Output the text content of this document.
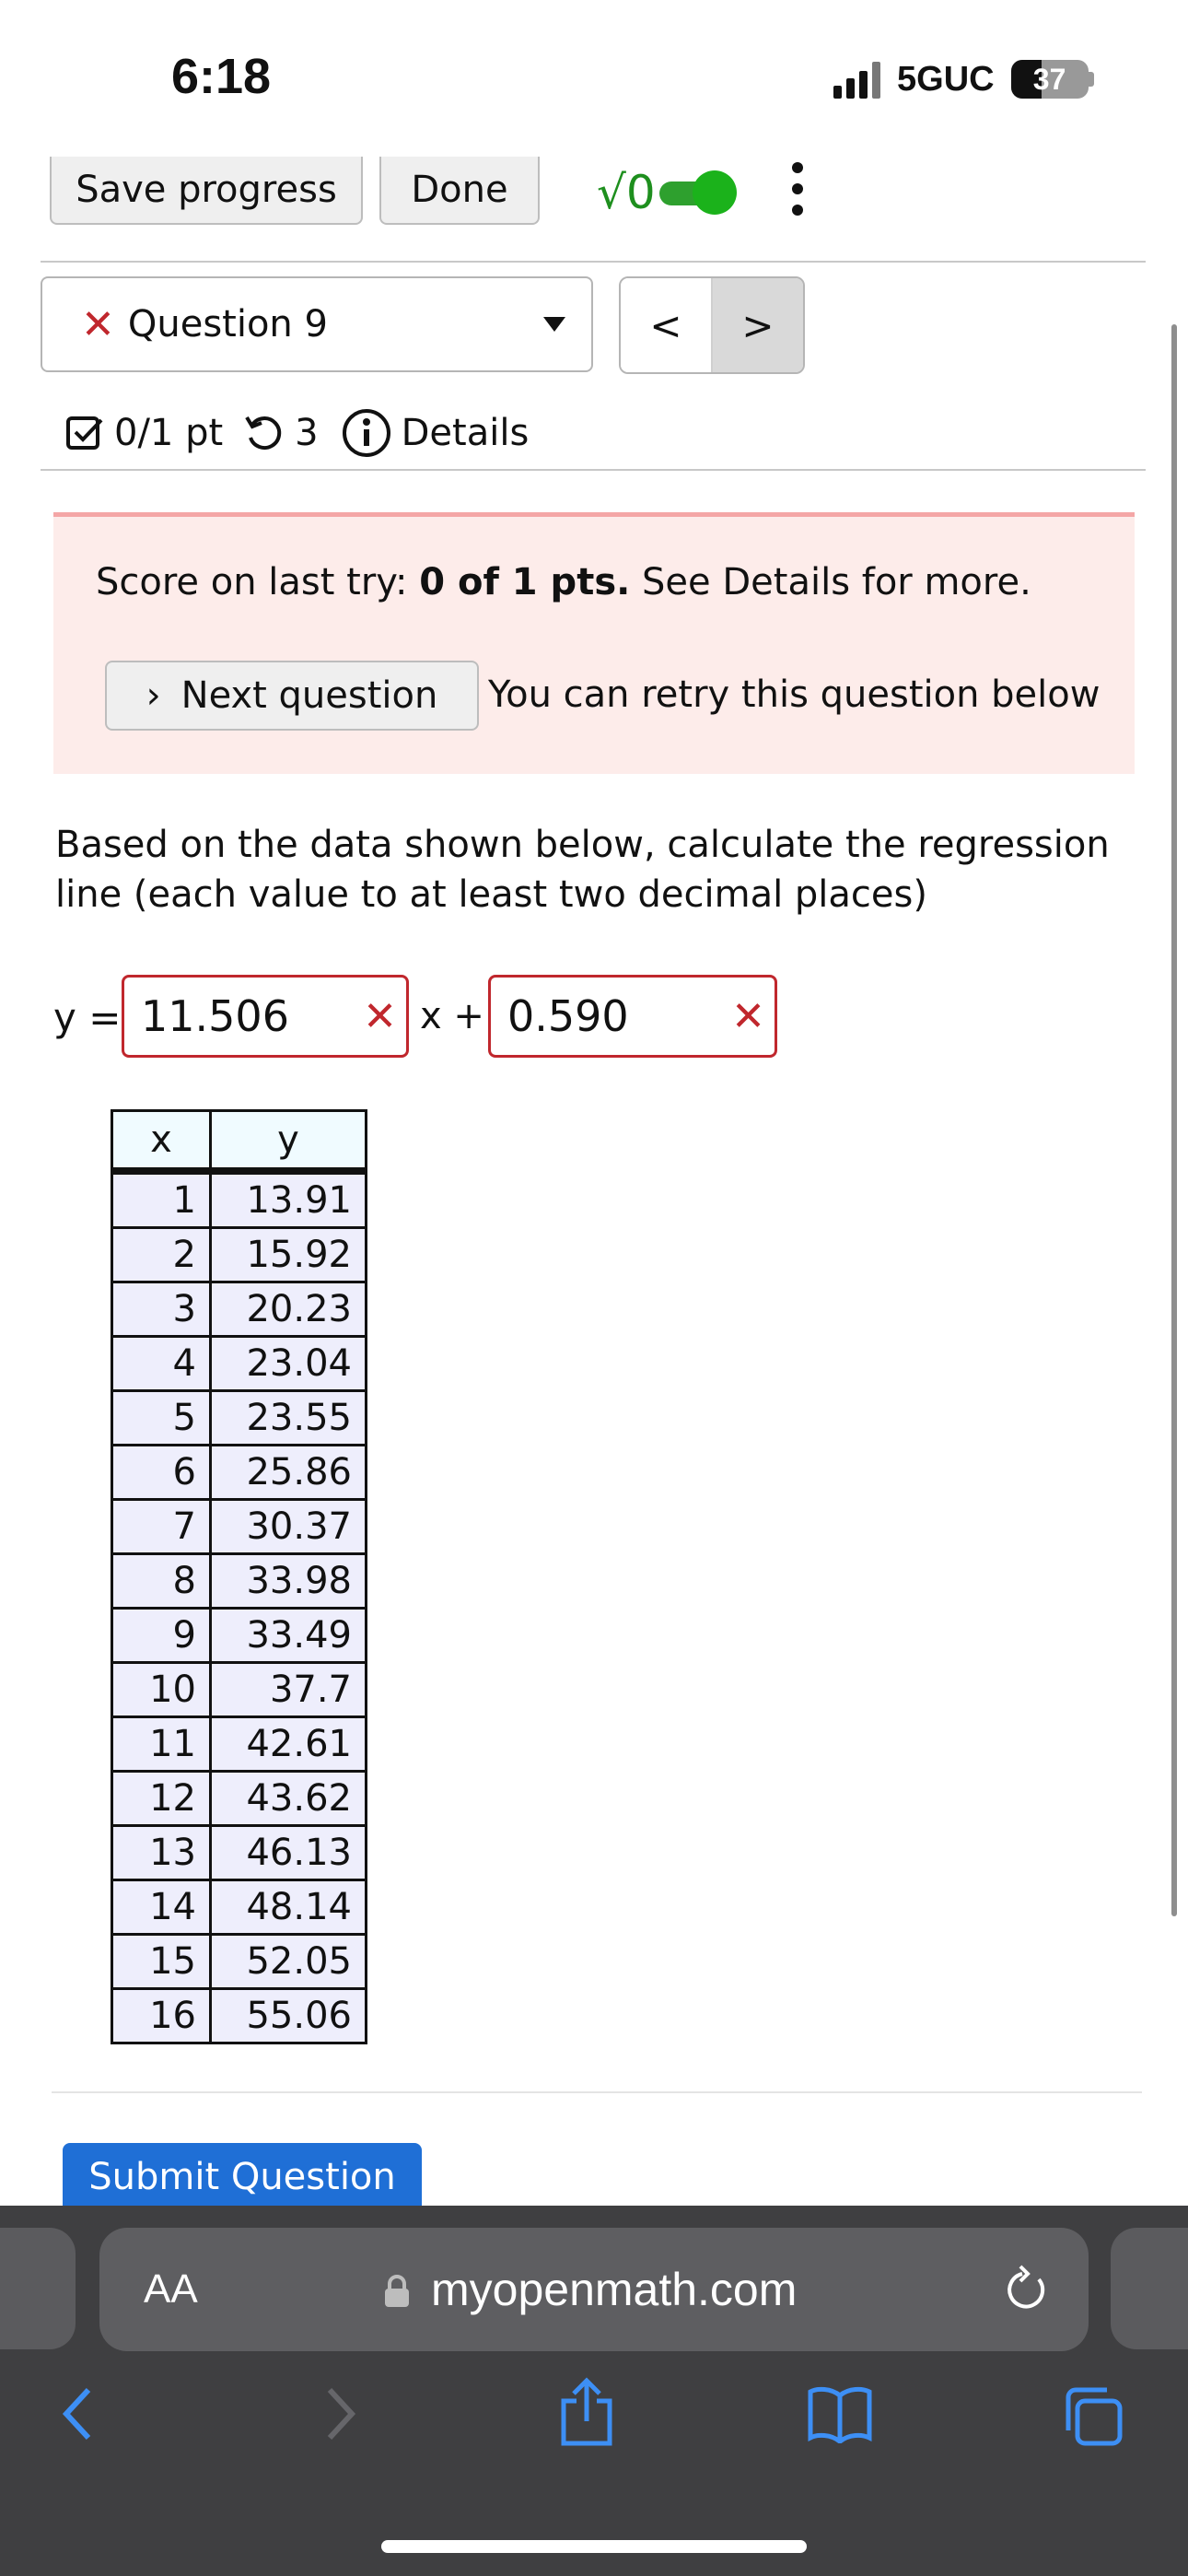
6:18	5GUC	37
Save progress	Done	√0
✕ Question 9	<	>
0/1 pt 3 Details
Score on last try: 0 of 1 pts. See Details for more.
› Next question You can retry this question below
Based on the data shown below, calculate the regression line (each value to at least two decimal places)
y = 11.506 ✕ x + 0.590	✕
x	y
1	13.91
2	15.92
3	20.23
4	23.04
5	23.55
6	25.86
7	30.37
8	33.98
9	33.49
10	37.7
11	42.61
12	43.62
13	46.13
14	48.14
15	52.05
16	55.06
Submit Question
AA	myopenmath.com
